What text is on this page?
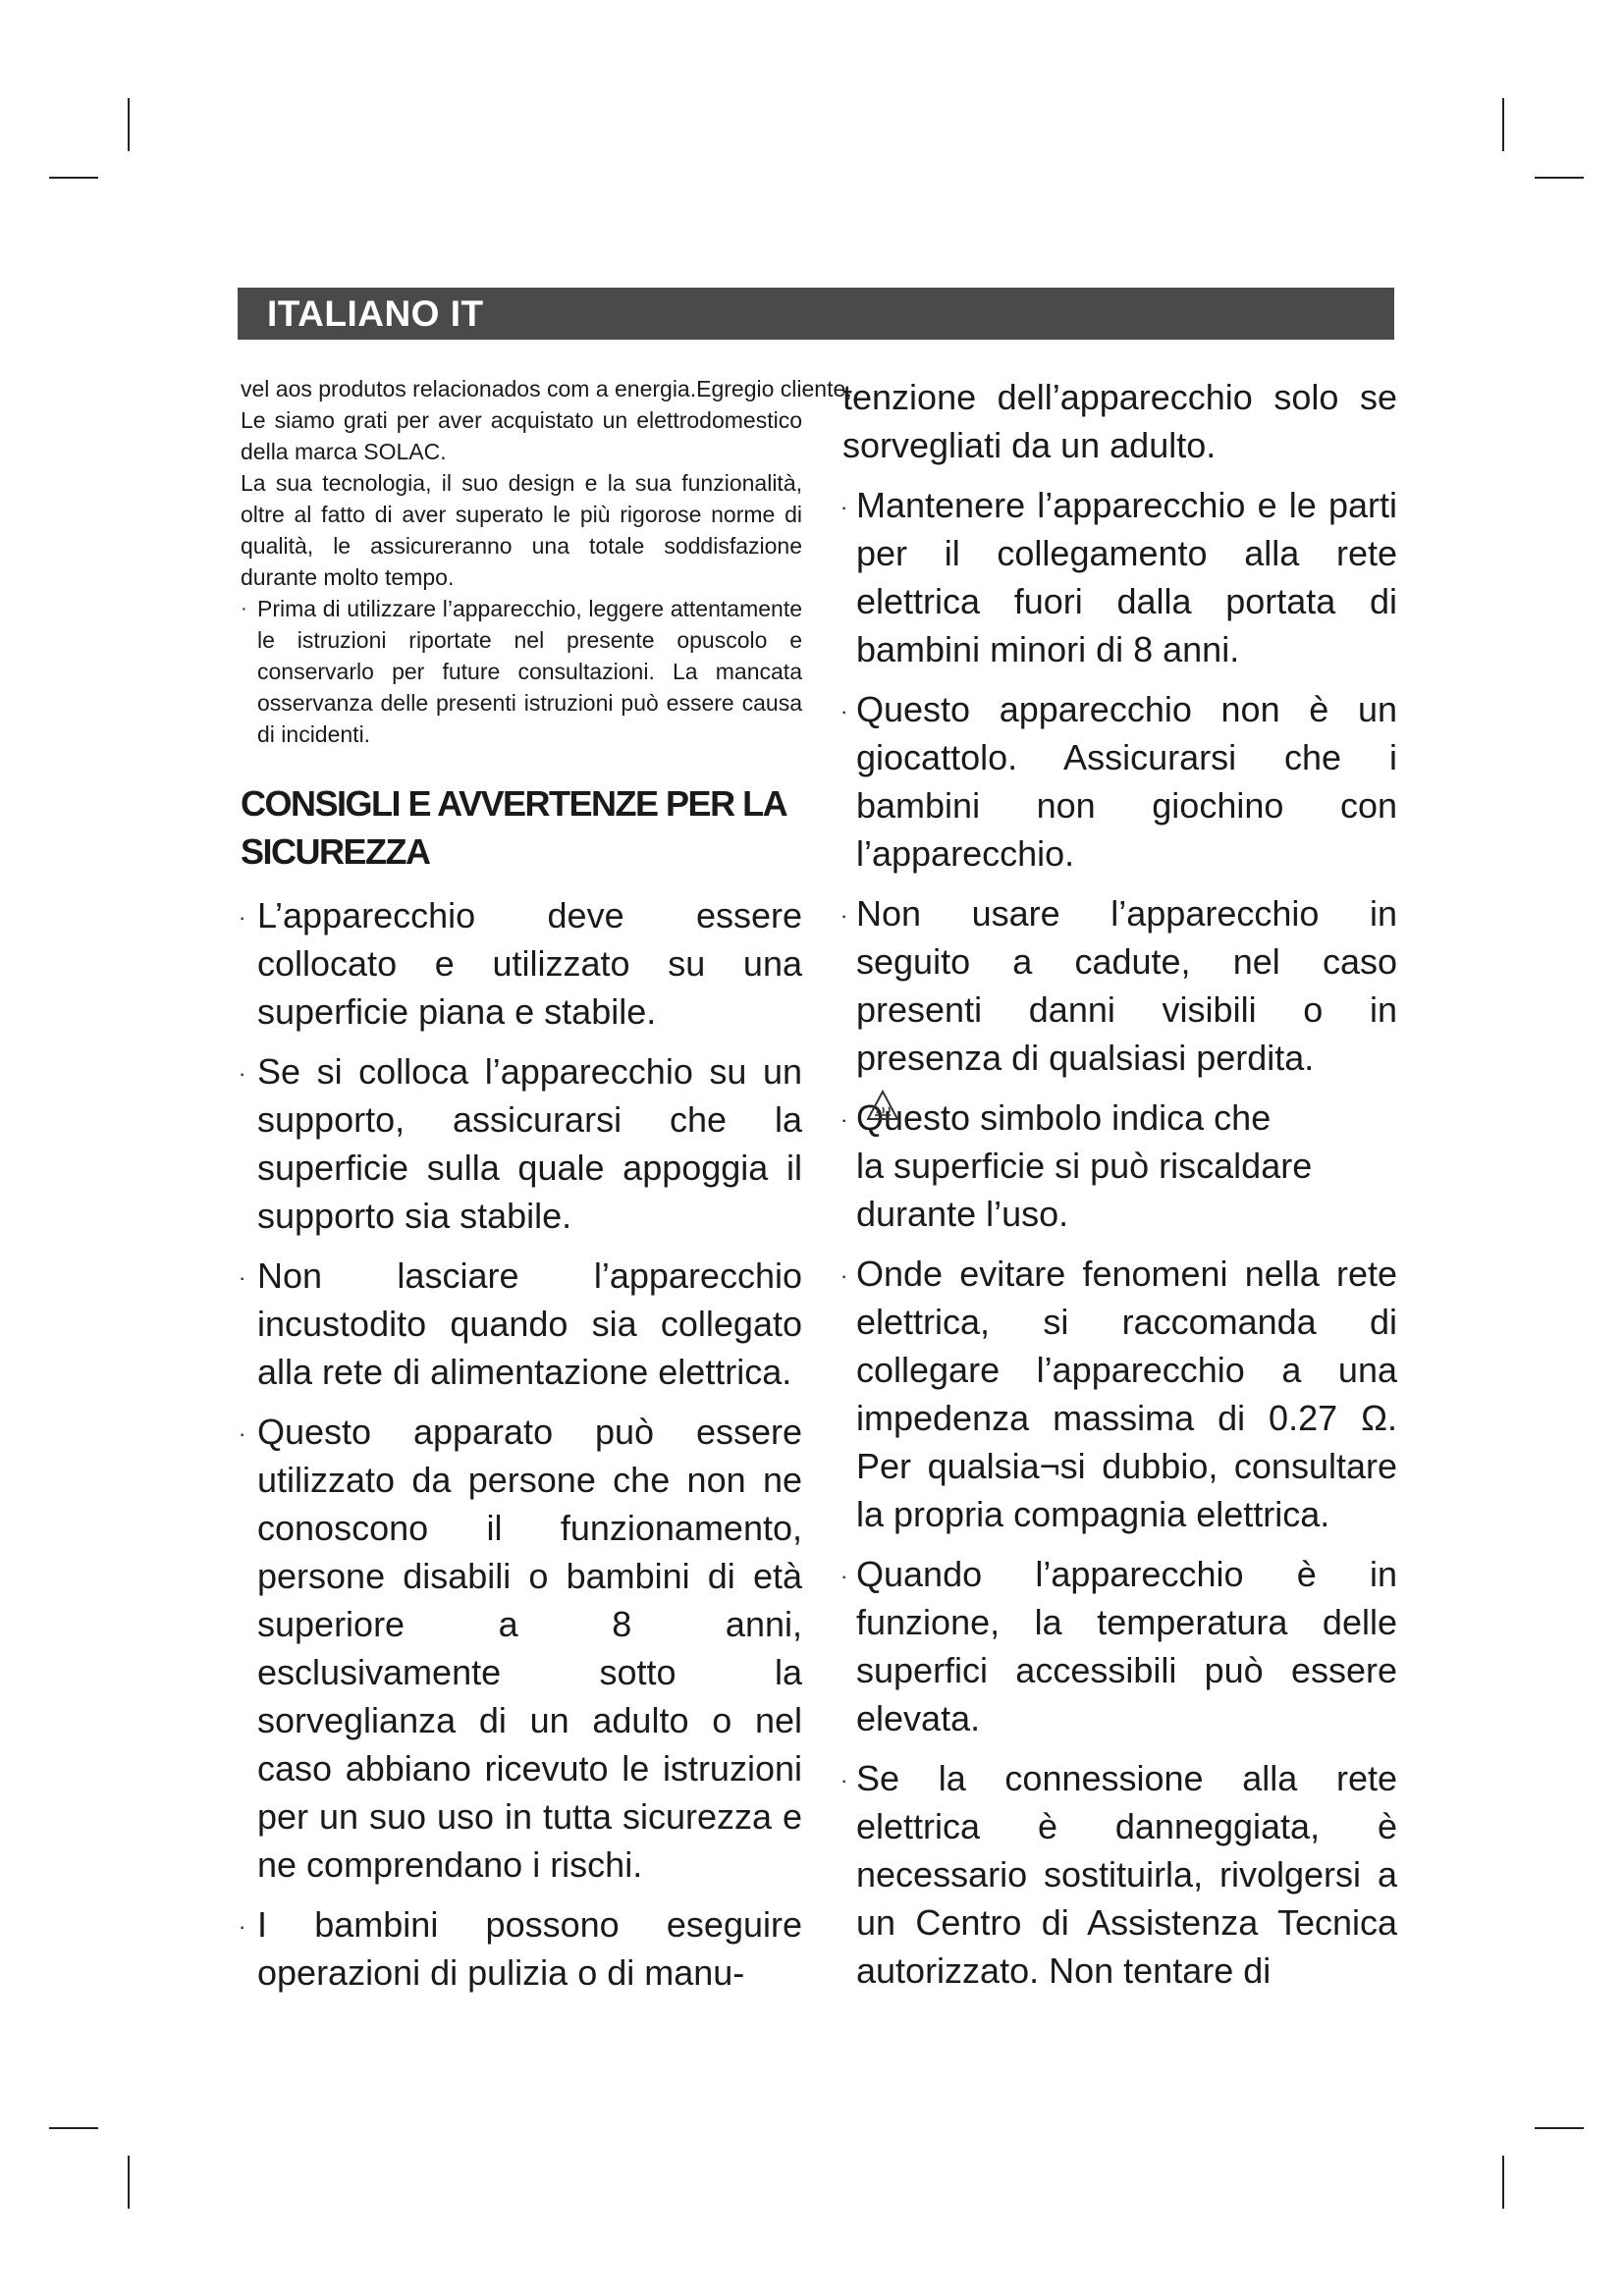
ITALIANO IT

vel aos produtos relacionados com a energia.Egregio cliente,

Le siamo grati per aver acquistato un elettrodomestico della marca SOLAC.

La sua tecnologia, il suo design e la sua funzionalità, oltre al fatto di aver superato le più rigorose norme di qualità, le assicureranno una totale soddisfazione durante molto tempo.

· Prima di utilizzare l’apparecchio, leggere attentamente le istruzioni riportate nel presente opuscolo e conservarlo per future consultazioni. La mancata osservanza delle presenti istruzioni può essere causa di incidenti.

CONSIGLI E AVVERTENZE PER LA SICUREZZA
· L’apparecchio deve essere collocato e utilizzato su una superficie piana e stabile.

· Se si colloca l’apparecchio su un supporto, assicurarsi che la superficie sulla quale appoggia il supporto sia stabile.

· Non lasciare l’apparecchio incustodito quando sia collegato alla rete di alimentazione elettrica.

· Questo apparato può essere utilizzato da persone che non ne conoscono il funzionamento, persone disabili o bambini di età superiore a 8 anni, esclusivamente sotto la sorveglianza di un adulto o nel caso abbiano ricevuto le istruzioni per un suo uso in tutta sicurezza e ne comprendano i rischi.

· I bambini possono eseguire operazioni di pulizia o di manu-

tenzione dell’apparecchio solo se sorvegliati da un adulto.

· Mantenere l’apparecchio e le parti per il collegamento alla rete elettrica fuori dalla portata di bambini minori di 8 anni.

· Questo apparecchio non è un giocattolo. Assicurarsi che i bambini non giochino con l’apparecchio.

· Non usare l’apparecchio in seguito a cadute, nel caso presenti danni visibili o in presenza di qualsiasi perdita.

· Questo simbolo indica che

la superficie si può riscaldare

durante l’uso.

· Onde evitare fenomeni nella rete elettrica, si raccomanda di collegare l’apparecchio a una impedenza massima di 0.27 Ω. Per qualsia¬si dubbio, consultare la propria compagnia elettrica.

· Quando l’apparecchio è in funzione, la temperatura delle superfici accessibili può essere elevata.

· Se la connessione alla rete elettrica è danneggiata, è necessario sostituirla, rivolgersi a un Centro di Assistenza Tecnica autorizzato. Non tentare di
